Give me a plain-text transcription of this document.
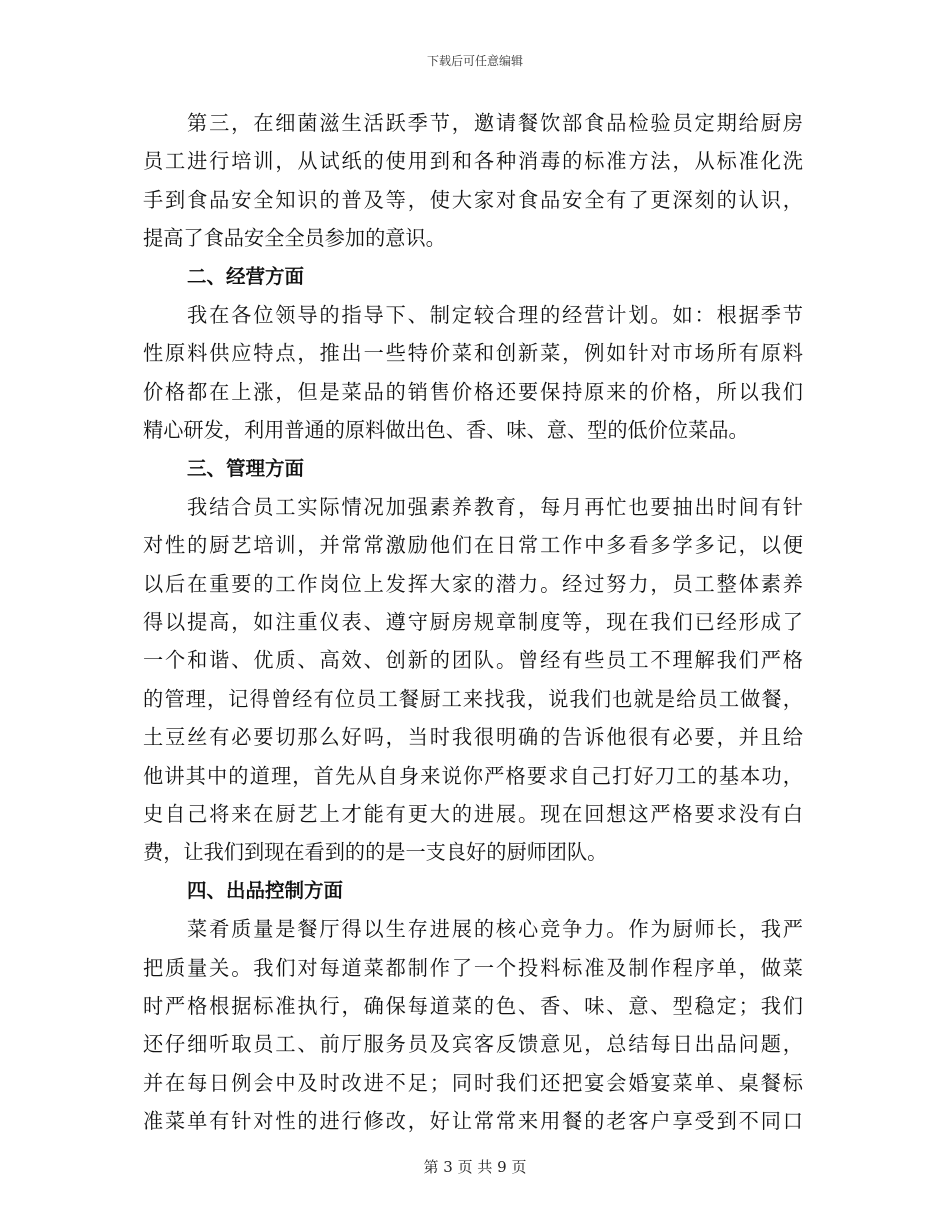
下载后可任意编辑
第三，在细菌滋生活跃季节，邀请餐饮部食品检验员定期给厨房
员工进行培训，从试纸的使用到和各种消毒的标准方法，从标准化洗
手到食品安全知识的普及等，使大家对食品安全有了更深刻的认识，
提高了食品安全全员参加的意识。
二、经营方面
我在各位领导的指导下、制定较合理的经营计划。如：根据季节
性原料供应特点，推出一些特价菜和创新菜，例如针对市场所有原料
价格都在上涨，但是菜品的销售价格还要保持原来的价格，所以我们
精心研发，利用普通的原料做出色、香、味、意、型的低价位菜品。
三、管理方面
我结合员工实际情况加强素养教育，每月再忙也要抽出时间有针
对性的厨艺培训，并常常激励他们在日常工作中多看多学多记，以便
以后在重要的工作岗位上发挥大家的潜力。经过努力，员工整体素养
得以提高，如注重仪表、遵守厨房规章制度等，现在我们已经形成了
一个和谐、优质、高效、创新的团队。曾经有些员工不理解我们严格
的管理，记得曾经有位员工餐厨工来找我，说我们也就是给员工做餐，
土豆丝有必要切那么好吗，当时我很明确的告诉他很有必要，并且给
他讲其中的道理，首先从自身来说你严格要求自己打好刀工的基本功，
史自己将来在厨艺上才能有更大的进展。现在回想这严格要求没有白
费，让我们到现在看到的的是一支良好的厨师团队。
四、出品控制方面
菜肴质量是餐厅得以生存进展的核心竞争力。作为厨师长，我严
把质量关。我们对每道菜都制作了一个投料标准及制作程序单，做菜
时严格根据标准执行，确保每道菜的色、香、味、意、型稳定；我们
还仔细听取员工、前厅服务员及宾客反馈意见，总结每日出品问题，
并在每日例会中及时改进不足；同时我们还把宴会婚宴菜单、桌餐标
准菜单有针对性的进行修改，好让常常来用餐的老客户享受到不同口
第 3 页 共 9 页
